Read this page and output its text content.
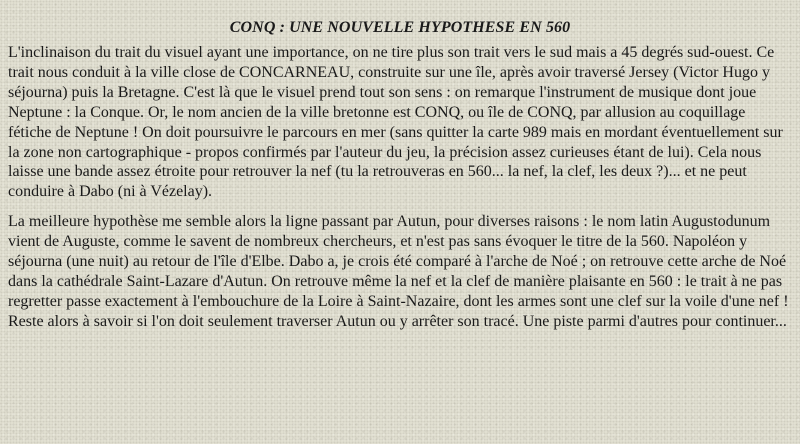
CONQ : UNE NOUVELLE HYPOTHESE EN 560

L'inclinaison du trait du visuel ayant une importance, on ne tire plus son trait vers le sud mais a 45 degrés sud-ouest. Ce trait nous conduit à la ville close de CONCARNEAU, construite sur une île, après avoir traversé Jersey (Victor Hugo y séjourna) puis la Bretagne. C'est là que le visuel prend tout son sens : on remarque l'instrument de musique dont joue Neptune : la Conque. Or, le nom ancien de la ville bretonne est CONQ, ou île de CONQ, par allusion au coquillage fétiche de Neptune ! On doit poursuivre le parcours en mer (sans quitter la carte 989 mais en mordant éventuellement sur la zone non cartographique - propos confirmés par l'auteur du jeu, la précision assez curieuses étant de lui). Cela nous laisse une bande assez étroite pour retrouver la nef (tu la retrouveras en 560... la nef, la clef, les deux ?)... et ne peut conduire à Dabo (ni à Vézelay).

La meilleure hypothèse me semble alors la ligne passant par Autun, pour diverses raisons : le nom latin Augustodunum vient de Auguste, comme le savent de nombreux chercheurs, et n'est pas sans évoquer le titre de la 560. Napoléon y séjourna (une nuit) au retour de l'île d'Elbe. Dabo a, je crois été comparé à l'arche de Noé ; on retrouve cette arche de Noé dans la cathédrale Saint-Lazare d'Autun. On retrouve même la nef et la clef de manière plaisante en 560 : le trait à ne pas regretter passe exactement à l'embouchure de la Loire à Saint-Nazaire, dont les armes sont une clef sur la voile d'une nef ! Reste alors à savoir si l'on doit seulement traverser Autun ou y arrêter son tracé. Une piste parmi d'autres pour continuer...
